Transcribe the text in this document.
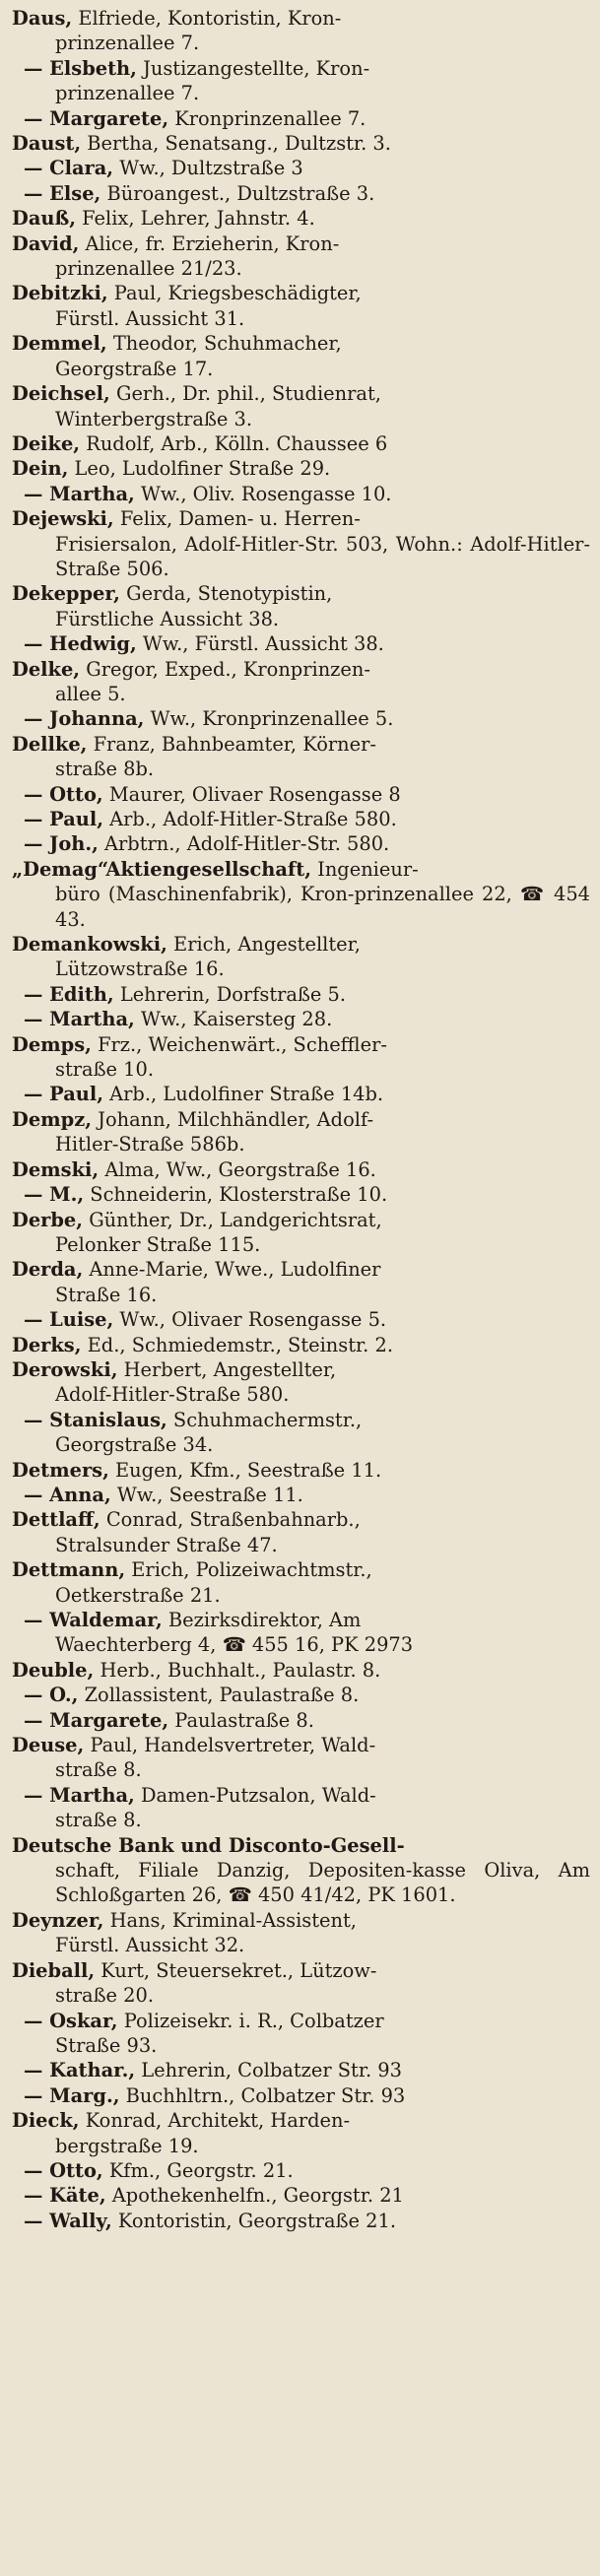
Daus, Elfriede, Kontoristin, Kron-
prinzenallee 7.

— Elsbeth, Justizangestellte, Kron-
prinzenallee 7.

— Margarete, Kronprinzenallee 7.

Daust, Bertha, Senatsang., Dultzstr. 3.

— Clara, Ww., Dultzstraße 3

— Else, Büroangest., Dultzstraße 3.

Dauß, Felix, Lehrer, Jahnstr. 4.

David, Alice, fr. Erzieherin, Kron-
prinzenallee 21/23.

Debitzki, Paul, Kriegsbeschädigter,
Fürstl. Aussicht 31.

Demmel, Theodor, Schuhmacher,
Georgstraße 17.

Deichsel, Gerh., Dr. phil., Studienrat,
Winterbergstraße 3.

Deike, Rudolf, Arb., Kölln. Chaussee 6

Dein, Leo, Ludolfiner Straße 29.

— Martha, Ww., Oliv. Rosengasse 10.

Dejewski, Felix, Damen- u. Herren-
Frisiersalon, Adolf-Hitler-Str. 503, Wohn.: Adolf-Hitler-Straße 506.

Dekepper, Gerda, Stenotypistin,
Fürstliche Aussicht 38.

— Hedwig, Ww., Fürstl. Aussicht 38.

Delke, Gregor, Exped., Kronprinzen-
allee 5.

— Johanna, Ww., Kronprinzenallee 5.

Dellke, Franz, Bahnbeamter, Körner-
straße 8b.

— Otto, Maurer, Olivaer Rosengasse 8

— Paul, Arb., Adolf-Hitler-Straße 580.

— Joh., Arbtrn., Adolf-Hitler-Str. 580.

„Demag“Aktiengesellschaft, Ingenieur-
büro (Maschinenfabrik), Kron-prinzenallee 22, ☎ 454 43.

Demankowski, Erich, Angestellter,
Lützowstraße 16.

— Edith, Lehrerin, Dorfstraße 5.

— Martha, Ww., Kaisersteg 28.

Demps, Frz., Weichenwärt., Scheffler-
straße 10.

— Paul, Arb., Ludolfiner Straße 14b.

Dempz, Johann, Milchhändler, Adolf-
Hitler-Straße 586b.

Demski, Alma, Ww., Georgstraße 16.

— M., Schneiderin, Klosterstraße 10.

Derbe, Günther, Dr., Landgerichtsrat,
Pelonker Straße 115.

Derda, Anne-Marie, Wwe., Ludolfiner
Straße 16.

— Luise, Ww., Olivaer Rosengasse 5.

Derks, Ed., Schmiedemstr., Steinstr. 2.

Derowski, Herbert, Angestellter,
Adolf-Hitler-Straße 580.

— Stanislaus, Schuhmachermstr.,
Georgstraße 34.

Detmers, Eugen, Kfm., Seestraße 11.

— Anna, Ww., Seestraße 11.

Dettlaff, Conrad, Straßenbahnarb.,
Stralsunder Straße 47.

Dettmann, Erich, Polizeiwachtmstr.,
Oetkerstraße 21.

— Waldemar, Bezirksdirektor, Am
Waechterberg 4, ☎ 455 16, PK 2973

Deuble, Herb., Buchhalt., Paulastr. 8.

— O., Zollassistent, Paulastraße 8.

— Margarete, Paulastraße 8.

Deuse, Paul, Handelsvertreter, Wald-
straße 8.

— Martha, Damen-Putzsalon, Wald-
straße 8.

Deutsche Bank und Disconto-Gesell-
schaft, Filiale Danzig, Depositen-kasse Oliva, Am Schloßgarten 26, ☎ 450 41/42, PK 1601.

Deynzer, Hans, Kriminal-Assistent,
Fürstl. Aussicht 32.

Dieball, Kurt, Steuersekret., Lützow-
straße 20.

— Oskar, Polizeisekr. i. R., Colbatzer
Straße 93.

— Kathar., Lehrerin, Colbatzer Str. 93

— Marg., Buchhltrn., Colbatzer Str. 93

Dieck, Konrad, Architekt, Harden-
bergstraße 19.

— Otto, Kfm., Georgstr. 21.

— Käte, Apothekenhelfn., Georgstr. 21

— Wally, Kontoristin, Georgstraße 21.
